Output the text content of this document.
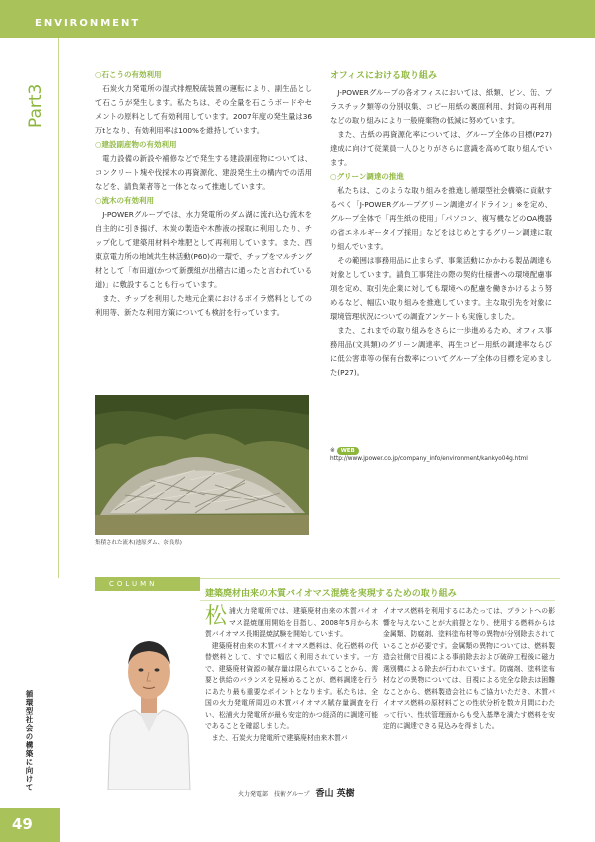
ENVIRONMENT
Part3
○石こうの有効利用

石炭火力発電所の湿式排煙脱硫装置の運転により、副生品として石こうが発生します。私たちは、その全量を石こうボードやセメントの原料として有効利用しています。2007年度の発生量は36万tとなり、有効利用率は100%を維持しています。

○建設副産物の有効利用

電力設備の新設や補修などで発生する建設副産物については、コンクリート塊や伐採木の再資源化、建設発生土の構内での活用などを、請負業者等と一体となって推進しています。

○流木の有効利用

J-POWERグループでは、水力発電所のダム湖に流れ込む流木を自主的に引き揚げ、木炭の製造や木酢液の採取に利用したり、チップ化して建築用材料や堆肥として再利用しています。また、西東京電力所の地域共生林活動(P60)の一環で、チップをマルチング材として「布田道(かつて新撰組が出稽古に通ったと言われている道)」に敷設することも行っています。

また、チップを利用した地元企業におけるボイラ燃料としての利用等、新たな利用方策についても検討を行っています。

集積された流木(池原ダム、奈良県)
オフィスにおける取り組み

J-POWERグループの各オフィスにおいては、紙類、ビン、缶、プラスチック類等の分別収集、コピー用紙の裏面利用、封筒の再利用などの取り組みにより一般廃棄物の低減に努めています。

また、古紙の再資源化率については、グループ全体の目標(P27)達成に向けて従業員一人ひとりがさらに意識を高めて取り組んでいます。

○グリーン調達の推進

私たちは、このような取り組みを推進し循環型社会構築に貢献するべく「J-POWERグループグリーン調達ガイドライン」※を定め、グループ全体で「再生紙の使用」「パソコン、複写機などのOA機器の省エネルギータイプ採用」などをはじめとするグリーン調達に取り組んでいます。

その範囲は事務用品に止まらず、事業活動にかかわる製品調達も対象としています。請負工事発注の際の契約仕様書への環境配慮事項を定め、取引先企業に対しても環境への配慮を働きかけるよう努めるなど、幅広い取り組みを推進しています。主な取引先を対象に環境管理状況についての調査アンケートも実施しました。

また、これまでの取り組みをさらに一歩進めるため、オフィス事務用品(文具類)のグリーン調達率、再生コピー用紙の調達率ならびに低公害車等の保有台数率についてグループ全体の目標を定めました(P27)。

※ WEB http://www.jpower.co.jp/company_info/environment/kankyo04g.html
COLUMN
建築廃材由来の木質バイオマス混焼を実現するための取り組み
松 浦火力発電所では、建築廃材由来の木質バイオマス混焼運用開始を目指し、2008年5月から木質バイオマス長期混焼試験を開始しています。

建築廃材由来の木質バイオマス燃料は、化石燃料の代替燃料として、すでに幅広く利用されています。一方で、建築廃材資源の賦存量は限られていることから、需要と供給のバランスを見極めることが、燃料調達を行うにあたり最も重要なポイントとなります。私たちは、全国の火力発電所周辺の木質バイオマス賦存量調査を行い、松浦火力発電所が最も安定的かつ経済的に調達可能であることを確認しました。

また、石炭火力発電所で建築廃材由来木質バ

イオマス燃料を利用するにあたっては、プラントへの影響を与えないことが大前提となり、使用する燃料からは金属類、防腐剤、塗料塗布材等の異物が分別除去されていることが必要です。金属類の異物については、燃料製造会社側で目視による事前除去および破砕工程後に磁力選別機による除去が行われています。防腐剤、塗料塗布材などの異物については、目視による完全な除去は困難なことから、燃料製造会社にもご協力いただき、木質バイオマス燃料の原材料ごとの性状分析を数カ月間にわたって行い、性状管理面からも受入基準を満たす燃料を安定的に調達できる見込みを得ました。

火力発電部　技術グループ 香山 英樹
循環型社会の構築に向けて
49
